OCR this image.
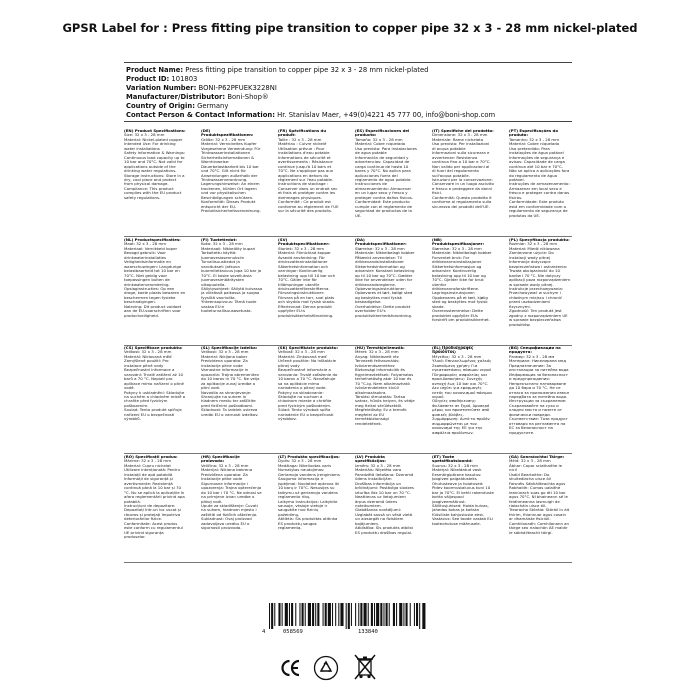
GPSR Label for : Press fitting pipe transition to copper pipe 32 x 3 - 28 mm nickel-plated
Product Name: Press fitting pipe transition to copper pipe 32 x 3 - 28 mm nickel-plated
Product ID: 101803
Variation Number: BONI-P62PFUEK3228NI
Manufacturer/Distributor: Boni-Shop®
Country of Origin: Germany
Contact Person & Contact Information: Hr. Stanislav Maer, +49(0)4221 45 777 00, info@boni-shop.com

(EN) Product Specifications:

Size: 32 x 3 - 28 mm
Material: Nickel-plated copper
Intended Use: For drinking water installations
Safety Information & Warnings: Continuous load capacity up to 10 bar and 70°C. Not valid for applications outside of the drinking water regulations.
Storage Instructions: Store in a dry, cool place and protect from physical damage.
Compliance: This product complies with the EU product safety regulations.

(DE) Produktspezifikationen:

Größe: 32 x 3 - 28 mm
Material: Vernickeltes Kupfer
Vorgesehene Verwendung: Für Trinkwasserinstallationen
Sicherheitsinformationen & Warnhinweise: Dauerbelastbarkeit bis 10 bar und 70°C. Gilt nicht für Anwendungen außerhalb der Trinkwasserverordnung.
Lagerungshinweise: An einem trockenen, kühlen Ort lagern und vor physikalischen Beschädigungen schützen.
Konformität: Dieses Produkt entspricht der EU-Produktsicherheitsverordnung.

(FR) Spécifications du produit:

Taille : 32 x 3 - 28 mm
Matériau : Cuivre nickelé
Utilisation prévue : Pour installations d'eau potable
Informations de sécurité et avertissements : Résistance continue jusqu'à 10 bars et 70°C. Ne s'applique pas aux applications en dehors du règlement sur l'eau potable.
Instructions de stockage : Conserver dans un endroit sec et frais et protéger contre les dommages physiques.
Conformité : Ce produit est conforme au règlement de l'UE sur la sécurité des produits.

(ES) Especificaciones del producto:

Tamaño: 32 x 3 - 28 mm
Material: Cobre niquelado
Uso previsto: Para instalaciones de agua potable
Información de seguridad y advertencias: Capacidad de carga continua de hasta 10 bares y 70°C. No aplica para aplicaciones fuera del reglamento de agua potable.
Instrucciones de almacenamiento: Almacenar en un lugar seco y fresco y proteger contra daños físicos.
Conformidad: Este producto cumple con el reglamento de seguridad de productos de la UE.

(IT) Specifiche del prodotto:

Dimensione: 32 x 3 - 28 mm
Materiale: Rame nichelato
Uso previsto: Per installazioni di acqua potabile
Informazioni sulla sicurezza e avvertenze: Resistenza continua fino a 10 bar e 70°C. Non valido per applicazioni al di fuori del regolamento sull'acqua potabile.
Istruzioni per la conservazione: Conservare in un luogo asciutto e fresco e proteggere da danni fisici.
Conformità: Questo prodotto è conforme al regolamento sulla sicurezza dei prodotti dell'UE.

(PT) Especificações do produto:

Tamanho: 32 x 3 - 28 mm
Material: Cobre niquelado
Uso pretendido: Para instalações de água potável
Informações de segurança e avisos: Capacidade de carga contínua até 10 bar e 70°C. Não se aplica a aplicações fora do regulamento de água potável.
Instruções de armazenamento: Armazenar em local seco e fresco e proteger contra danos físicos.
Conformidade: Este produto está em conformidade com o regulamento de segurança de produtos da UE.

(NL) Productspecificaties:

Maat: 32 x 3 - 28 mm
Materiaal: Vernikkeld koper
Beoogd gebruik: Voor drinkwaterinstallaties
Veiligheidsinformatie en waarschuwingen: Langdurige belastbaarheid tot 10 bar en 70°C. Niet geldig voor toepassingen buiten de drinkwaterverordening.
Opslaginstructies: Op een droge, koele plaats bewaren en beschermen tegen fysieke beschadigingen.
Naleving: Dit product voldoet aan de EU-voorschriften voor productveiligheid.

(FI) Tuotetiedot:

Koko: 32 x 3 - 28 mm
Materiaali: Nikkelöity kupari
Tarkoitettu käyttö: Juomavesiasennuksiin
Turvallisuustiedot ja varoitukset: Jatkuva kuormitettavuus jopa 10 bar ja 70°C. Ei koske sovelluksia juomavesimääräysten ulkopuolella.
Säilytysohjeet: Säilytä kuivassa ja viileässä paikassa ja suojaa fyysiltä vaurioilta.
Yhteensopivuus: Tämä tuote vastaa EU:n tuoteturvallisuusasetusta.

(SV) Produktspecifikationer:

Storlek: 32 x 3 - 28 mm
Material: Förnicklad koppar
Avsedd användning: För dricksvatteninstallationer
Säkerhetsinformation och varningar: Kontinuerlig belastning upp till 10 bar och 70°C. Gäller inte för tillämpningar utanför dricksvattenföreskrifterna.
Förvaringsinstruktioner: Förvara på en torr, sval plats och skydda mot fysisk skada.
Efterlevnad: Denna produkt uppfyller EU:s produktsäkerhetsförordning.

(DA) Produktspecifikationer:

Størrelse: 32 x 3 - 28 mm
Materiale: Nikkelbelagt kobber
Påtænkt anvendelse: Til drikkevandsinstallationer
Sikkerhedsinformation og advarsler: Konstant belastning op til 10 bar og 70°C. Gælder ikke for anvendelser uden for drikkevandsreglerne.
Opbevaringsinstruktioner: Opbevares et tørt, køligt sted og beskyttes mod fysisk beskadigelse.
Overholdelse: Dette produkt overholder EU's produktsikkerhedsforordning.

(NB) Produktspesifikasjoner:

Størrelse: 32 x 3 - 28 mm
Materiale: Nikkelbelagt kobber
Forventet bruk: For drikkevannsinstallasjoner
Sikkerhetsinformasjon og advarsler: Kontinuerlig belastning opp til 10 bar og 70°C. Gjelder ikke for bruk utenfor drikkevannsforskriftene.
Lagringsinstruksjoner: Oppbevares på et tørt, kjølig sted og beskyttes mot fysisk skade.
Overensstemmelse: Dette produktet oppfyller EUs forskrift om produktsikkerhet.

(PL) Specyfikacja produktu:

Rozmiar: 32 x 3 - 28 mm
Materiał: Miedź niklowana
Zamierzone użycie: Do instalacji wody pitnej
Informacje dotyczące bezpieczeństwa i ostrzeżenia: Trwała obciążalność do 10 barów i 70 °C. Nie dotyczy aplikacji poza rozporządzeniem w sprawie wody pitnej.
Instrukcje przechowywania: Przechowywać w suchym i chłodnym miejscu i chronić przed uszkodzeniami fizycznymi.
Zgodność: Ten produkt jest zgodny z rozporządzeniem UE w sprawie bezpieczeństwa produktów.

(CS) Specifikace produktu:

Velikost: 32 x 3 - 28 mm
Materiál: Niklovaná měď
Zamýšlené použití: Pro instalace pitné vody
Bezpečnostní informace a varování: Trvalé zatížení až 10 barů a 70 °C. Neplatí pro aplikace mimo nařízení o pitné vodě.
Pokyny k uskladnění: Skladujte na suchém a chladném místě a chraňte před fyzickým poškozením.
Soulad: Tento produkt splňuje nařízení EU o bezpečnosti výrobků.

(SL) Specifikacije izdelka:

Velikost: 32 x 3 - 28 mm
Material: Nikljana baker
Predvidena uporaba: Za instalacije pitne vode
Varnostne informacije in opozorila: Trajna obremenitev do 10 barov in 70 °C. Ne velja za aplikacije zunaj uredbe o pitni vodi.
Navodila za shranjevanje: Shranjujte na suhem in hladnem mestu ter zaščitite pred fizičnimi poškodbami.
Skladnost: Ta izdelek ustreza uredbi EU o varnosti izdelkov.

(SK) Špecifikácie produktu:

Veľkosť: 32 x 3 - 28 mm
Materiál: Zinkovaná meď
Určené použitie: Na inštalácie pitnej vody
Bezpečnostné informácie a varovania: Trvalé zaťaženie do 10 barov a 70 °C. Nevzťahuje sa na aplikácie mimo nariadenia o pitnej vode.
Pokyny na skladovanie: Skladujte na suchom a chladnom mieste a chráňte pred fyzickým poškodením.
Súlad: Tento výrobok spĺňa nariadenie EÚ o bezpečnosti výrobkov.

(HU) Termékjellemzők:

Méret: 32 x 3 - 28 mm
Anyag: Nikkelezett réz
Tervezett felhasználás: Ivóvízrendszerekhez
Biztonsági információk és figyelmeztetések: Folyamatos terhelhetőség akár 10 bar és 70 °C-ig. Nem alkalmazható ivóvízrendeleten kívüli alkalmazásokra.
Tárolási útmutatás: Tartsa száraz, hűvös helyen, és védje meg fizikai sérülésektől.
Megfelelőség: Ez a termék megfelel az EU termékbiztonsági rendeletének.

(EL) Προδιαγραφές προϊόντος:

Μέγεθος: 32 x 3 - 28 mm
Υλικό: Επινικελωμένος χαλκός
Σκοπούμενη χρήση: Για εγκαταστάσεις πόσιμου νερού
Πληροφορίες ασφαλείας και προειδοποιήσεις: Συνεχής αντοχή έως 10 bar και 70°C. Δεν ισχύει για εφαρμογές εκτός του κανονισμού πόσιμου νερού.
Οδηγίες αποθήκευσης: Φυλάσσετε σε ξηρό, δροσερό μέρος και προστατεύστε από φυσικές βλάβες.
Συμμόρφωση: Αυτό το προϊόν συμμορφώνεται με τον κανονισμό της ΕΕ για την ασφάλεια προϊόντων.

(BG) Спецификации на продукта:

Размер: 32 x 3 - 28 мм
Материал: Никелирана мед
Предназначение: За инсталации за питейна вода
Информация за безопасност и предупреждения: Непрекъснато натоварване до 10 бара и 70 °C. Не се отнася за приложения извън наредбата за питейна вода.
Инструкции за съхранение: Съхранявайте на сухо и хладно място и пазете от физически повреди.
Съответствие: Този продукт отговаря на регламента на ЕС за безопасност на продуктите.

(RO) Specificații produs:

Mărime: 32 x 3 - 28 mm
Material: Cupru nichelat
Utilizare intenționată: Pentru instalații de apă potabilă
Informații de siguranță și avertismente: Rezistență continuă până la 10 bar și 70 °C. Nu se aplică la aplicațiile în afara reglementării privind apa potabilă.
Instrucțiuni de depozitare: Depozitați într-un loc uscat și răcoros și protejați împotriva deteriorărilor fizice.
Conformitate: Acest produs este conform cu regulamentul UE privind siguranța produselor.

(HR) Specifikacije proizvoda:

Veličina: 32 x 3 - 28 mm
Materijal: Niklana bakrena
Predviđena uporaba: Za instalacije pitke vode
Sigurnosne informacije i upozorenja: Trajna opterećenja do 10 bar i 70 °C. Ne odnosi se na primjene izvan uredbe o pitkoj vodi.
Upute za skladištenje: Čuvati na suhom, hladnom mjestu i zaštititi od fizičkih oštećenja.
Sukladnost: Ovaj proizvod zadovoljava uredbu EU o sigurnosti proizvoda.

(LT) Produkto specifikacijos:

Dydis: 32 x 3 - 28 mm
Medžiaga: Nikeliuotas varis
Numatytas naudojimas: Geriamojo vandens įrenginiams
Saugumo informacija ir įspėjimai: Nuolatinė apkrova iki 10 barų ir 70°C. Nesusijęs su taikymu už geriamojo vandens reglamento ribų.
Laikymo instrukcijos: Laikykite sausoje, vėsioje vietoje ir saugokite nuo fizinių pažeidimų.
Atitiktis: Šis produktas atitinka ES produktų saugos reglamentą.

(LV) Produkta specifikācijas:

Izmērs: 32 x 3 - 28 mm
Materiāls: Niķelēta vara
Paredzētā lietošana: Dzeramā ūdens instalācijām
Drošības informācija un brīdinājumi: Pastāvīga slodzes izturība līdz 10 bar un 70 °C. Neattiecas uz lietojumiem ārpus dzeramā ūdens noteikumiem.
Glabāšanas norādījumi: Uzglabāt sausā un vēsā vietā un aizsargāt no fiziskiem bojājumiem.
Atbilstība: Šis produkts atbilst ES produktu drošības regulai.

(ET) Toote spetsifikatsioonid:

Suurus: 32 x 3 - 28 mm
Materjal: Nikeldatud vask
Eesmärgipärane kasutus: Joogivee paigaldusteks
Ohutusteave ja hoiatused: Pidev koormustaluvus kuni 10 bar ja 70°C. Ei kehti rakenduste kohta väljaspool joogiveemäärust.
Säilitusjuhised: Hoida kuivas, jahedas kohas ja kaitsta füüsiliste kahjustuste eest.
Vastavus: See toode vastab ELi tooteohutuse määrusele.

(GA) Sonraíochtaí Táirge:

Méid: 32 x 3 - 28 mm
Ábhar: Copar sciathaithe le nicil
Úsáid Beartaithe: Do shuiteálacha uisce óil
Faisnéis Sábháilteachta agus Rabhaidh: Cumas ualaithe leanúnach suas go dtí 10 bar agus 70°C. Ní bhaineann sé le feidhmeanna lasmuigh de rialacháin uisce óil.
Treoracha Stórála: Stóráil in áit thirim, fhionnuar agus cosain ar dhamáiste fisiciúil.
Comhlíonadh: Comhlíonann an táirge seo rialachán AE maidir le sábháilteacht táirgí.

4	058569	133840
